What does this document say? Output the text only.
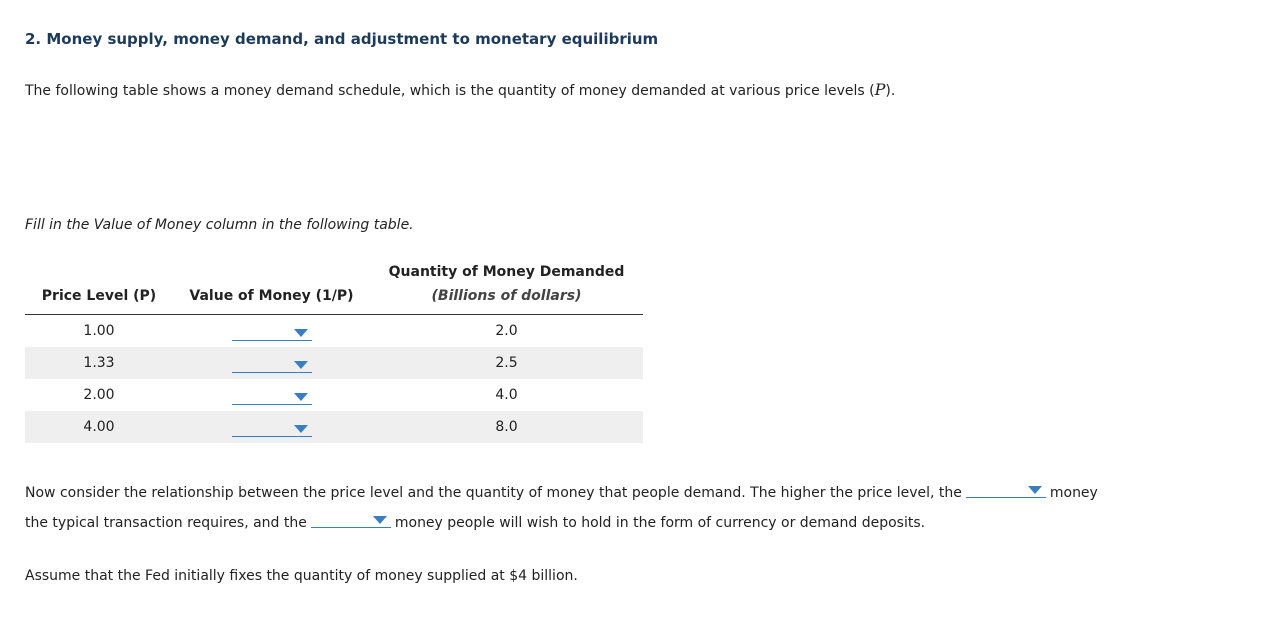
2. Money supply, money demand, and adjustment to monetary equilibrium
The following table shows a money demand schedule, which is the quantity of money demanded at various price levels (P).
Fill in the Value of Money column in the following table.
		Quantity of Money Demanded
Price Level (P)	Value of Money (1/P)	(Billions of dollars)
1.00		2.0
1.33		2.5
2.00		4.0
4.00		8.0
Now consider the relationship between the price level and the quantity of money that people demand. The higher the price level, the	money
the typical transaction requires, and the	money people will wish to hold in the form of currency or demand deposits.
Assume that the Fed initially fixes the quantity of money supplied at $4 billion.
